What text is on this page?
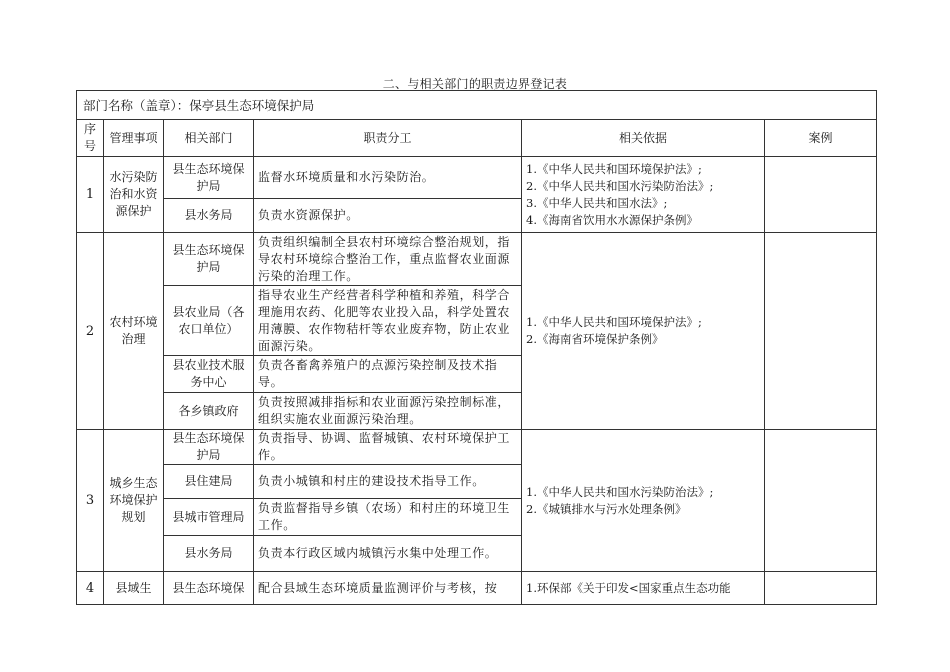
二、与相关部门的职责边界登记表
部门名称（盖章）：保亭县生态环境保护局					
序号	管理事项	相关部门	职责分工	相关依据	案例
1	水污染防治和水资源保护	县生态环境保护局	监督水环境质量和水污染防治。	1.《中华人民共和国环境保护法》;
2.《中华人民共和国水污染防治法》;
3.《中华人民共和国水法》;
4.《海南省饮用水水源保护条例》	

		县水务局	负责水资源保护。		
2	农村环境治理	县生态环境保护局	负责组织编制全县农村环境综合整治规划，指导农村环境综合整治工作，重点监督农业面源污染的治理工作。	1.《中华人民共和国环境保护法》;
2.《海南省环境保护条例》	

		县农业局（各农口单位）	指导农业生产经营者科学种植和养殖，科学合理施用农药、化肥等农业投入品，科学处置农用薄膜、农作物秸杆等农业废弃物，防止农业面源污染。		
		县农业技术服务中心	负责各畜禽养殖户的点源污染控制及技术指导。		
		各乡镇政府	负责按照减排指标和农业面源污染控制标准，组织实施农业面源污染治理。		
3	城乡生态环境保护规划	县生态环境保护局	负责指导、协调、监督城镇、农村环境保护工作。	1.《中华人民共和国水污染防治法》;
2.《城镇排水与污水处理条例》	

		县住建局	负责小城镇和村庄的建设技术指导工作。		
		县城市管理局	负责监督指导乡镇（农场）和村庄的环境卫生工作。		
		县水务局	负责本行政区域内城镇污水集中处理工作。		
4	县域生	县生态环境保	配合县域生态环境质量监测评价与考核，按	1.环保部《关于印发<国家重点生态功能	
